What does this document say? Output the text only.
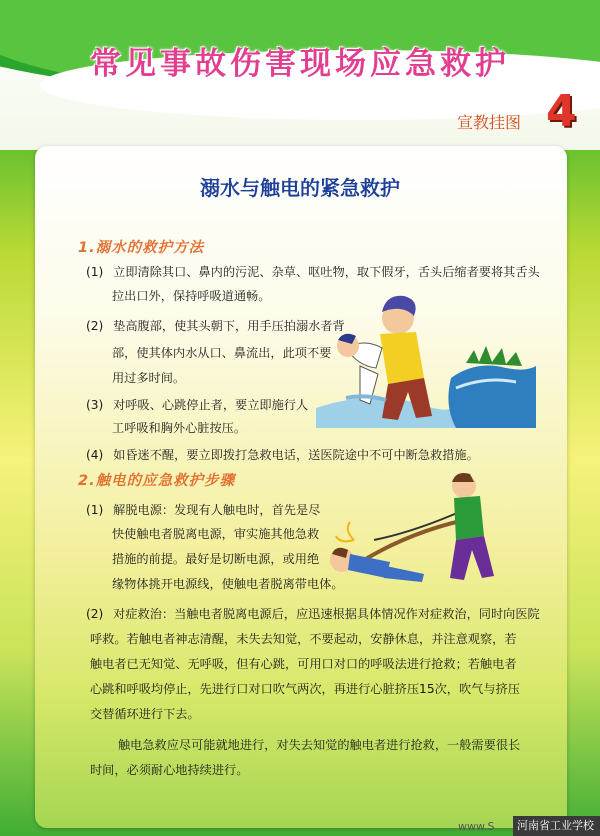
常见事故伤害现场应急救护
宣教挂图 4
溺水与触电的紧急救护
1.溺水的救护方法
(1) 立即清除其口、鼻内的污泥、杂草、呕吐物，取下假牙，舌头后缩者要将其舌头
拉出口外，保持呼吸道通畅。
(2) 垫高腹部，使其头朝下，用手压拍溺水者背
部，使其体内水从口、鼻流出，此项不要
用过多时间。
(3) 对呼吸、心跳停止者，要立即施行人
工呼吸和胸外心脏按压。
(4) 如昏迷不醒，要立即拨打急救电话，送医院途中不可中断急救措施。
2.触电的应急救护步骤
(1) 解脱电源：发现有人触电时，首先是尽
快使触电者脱离电源，审实施其他急救
措施的前提。最好是切断电源，或用绝
缘物体挑开电源线，使触电者脱离带电体。
(2) 对症救治：当触电者脱离电源后，应迅速根据具体情况作对症救治，同时向医院
呼救。若触电者神志清醒，未失去知觉，不要起动，安静休息，并注意观察，若
触电者已无知觉、无呼吸，但有心跳，可用口对口的呼吸法进行抢救；若触电者
心跳和呼吸均停止，先进行口对口吹气两次，再进行心脏挤压15次，吹气与挤压
交替循环进行下去。
触电急救应尽可能就地进行，对失去知觉的触电者进行抢救，一般需要很长
时间，必须耐心地持续进行。
www.S	河南省工业学校
